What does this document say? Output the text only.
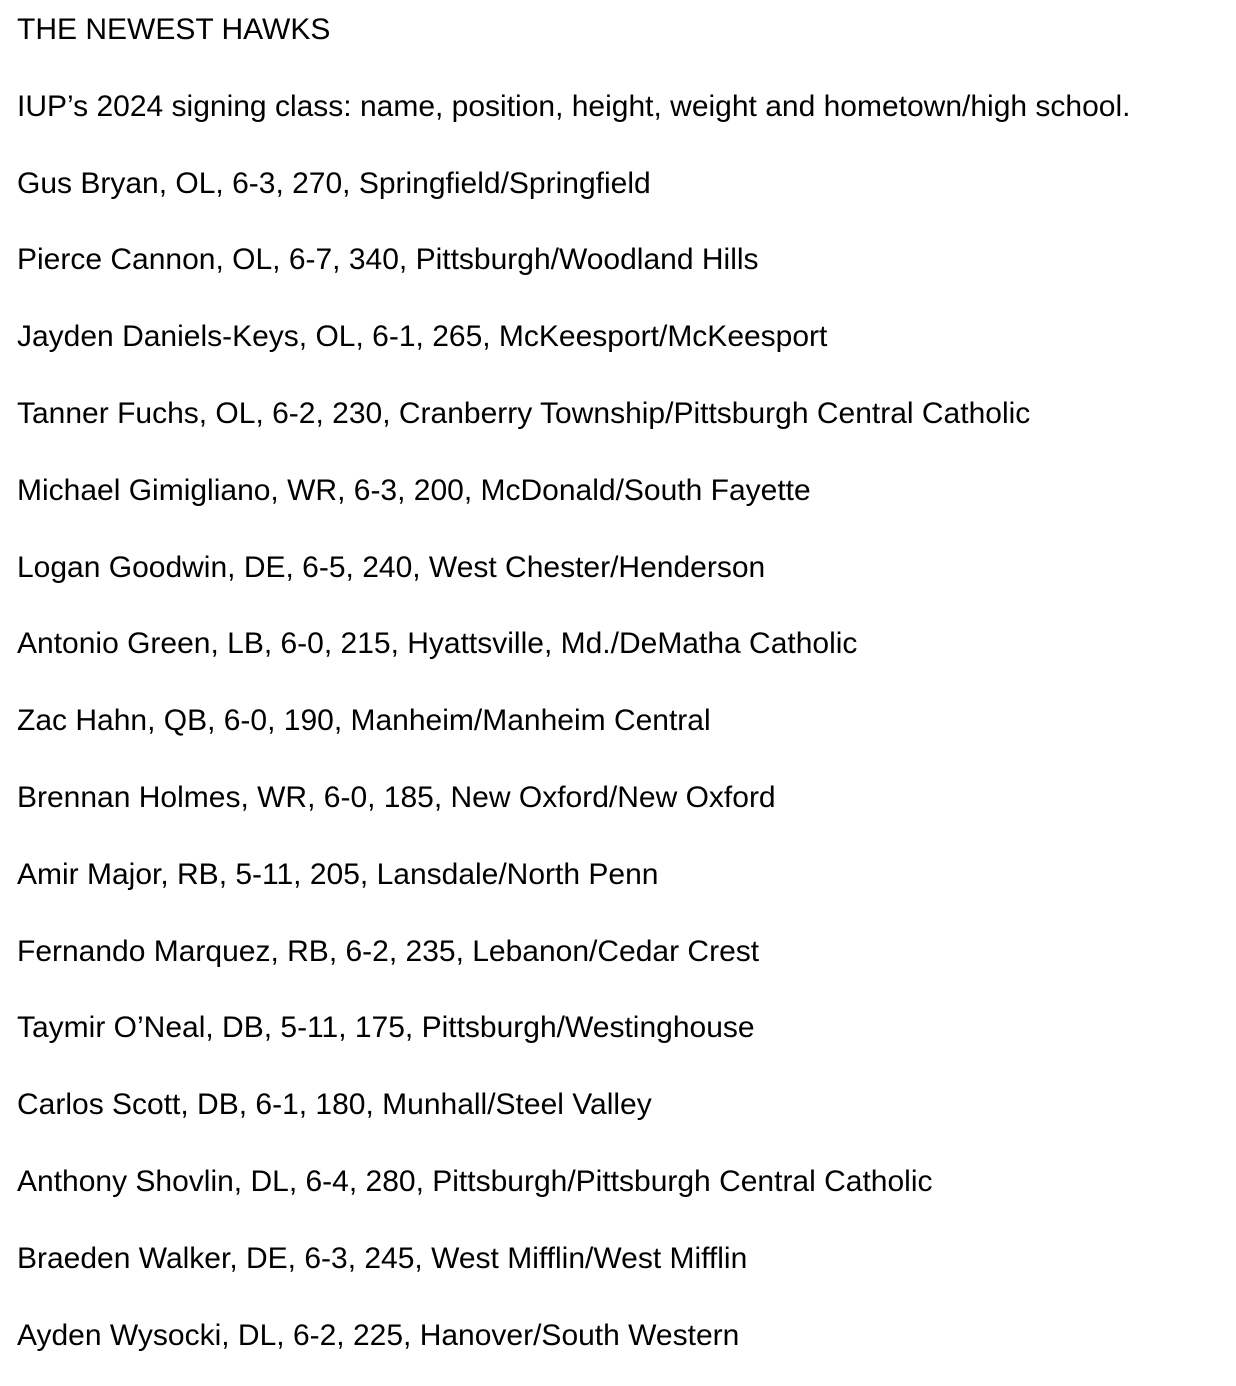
THE NEWEST HAWKS

IUP’s 2024 signing class: name, position, height, weight and hometown/high school.

Gus Bryan, OL, 6-3, 270, Springfield/Springfield

Pierce Cannon, OL, 6-7, 340, Pittsburgh/Woodland Hills

Jayden Daniels-Keys, OL, 6-1, 265, McKeesport/McKeesport

Tanner Fuchs, OL, 6-2, 230, Cranberry Township/Pittsburgh Central Catholic

Michael Gimigliano, WR, 6-3, 200, McDonald/South Fayette

Logan Goodwin, DE, 6-5, 240, West Chester/Henderson

Antonio Green, LB, 6-0, 215, Hyattsville, Md./DeMatha Catholic

Zac Hahn, QB, 6-0, 190, Manheim/Manheim Central

Brennan Holmes, WR, 6-0, 185, New Oxford/New Oxford

Amir Major, RB, 5-11, 205, Lansdale/North Penn

Fernando Marquez, RB, 6-2, 235, Lebanon/Cedar Crest

Taymir O’Neal, DB, 5-11, 175, Pittsburgh/Westinghouse

Carlos Scott, DB, 6-1, 180, Munhall/Steel Valley

Anthony Shovlin, DL, 6-4, 280, Pittsburgh/Pittsburgh Central Catholic

Braeden Walker, DE, 6-3, 245, West Mifflin/West Mifflin

Ayden Wysocki, DL, 6-2, 225, Hanover/South Western
